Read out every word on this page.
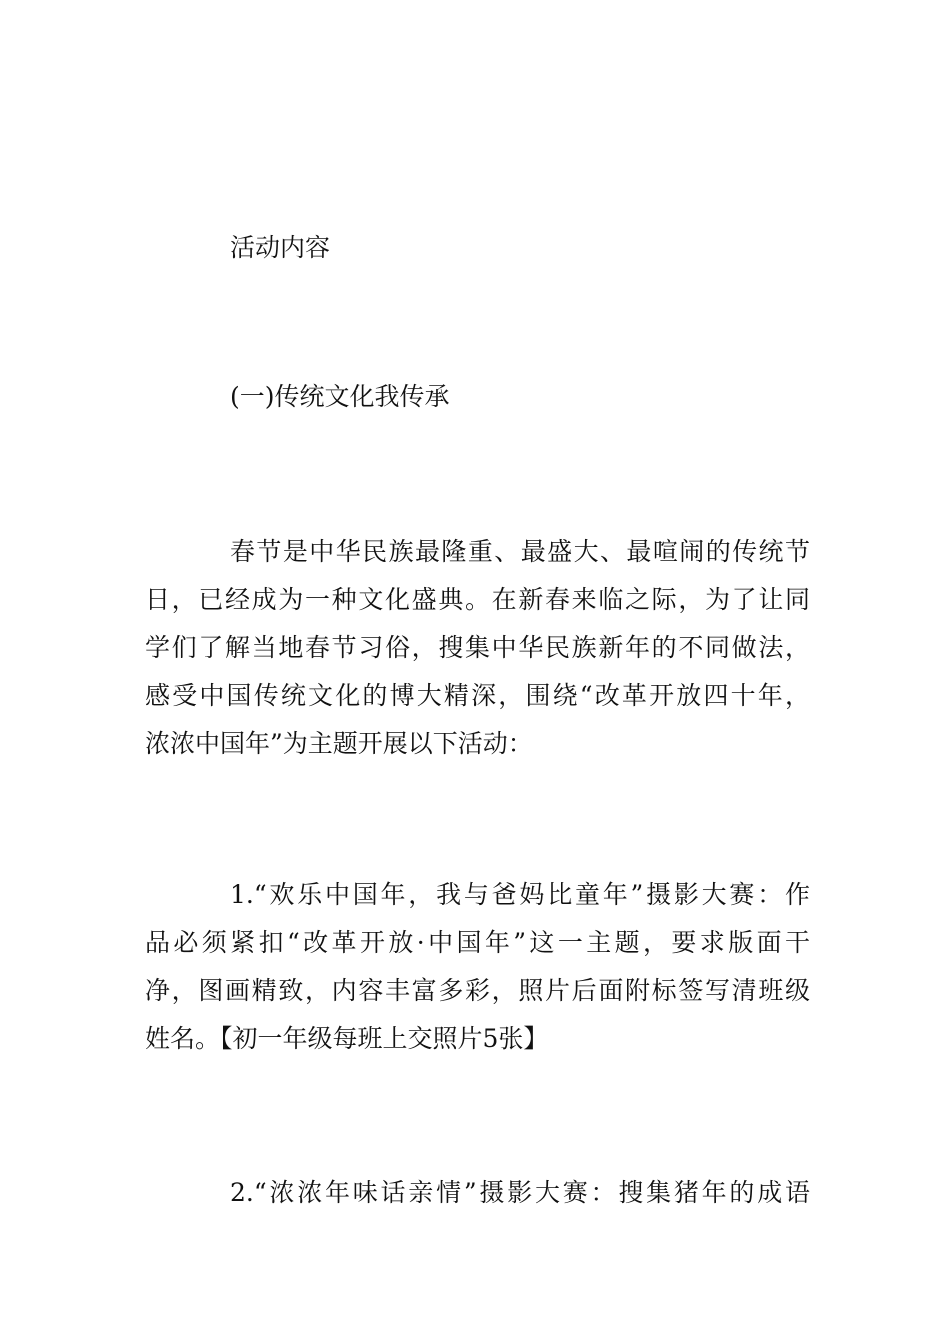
活动内容
(一)传统文化我传承
春节是中华民族最隆重、最盛大、最喧闹的传统节
日，已经成为一种文化盛典。在新春来临之际，为了让同
学们了解当地春节习俗，搜集中华民族新年的不同做法，
感受中国传统文化的博大精深，围绕“改革开放四十年，
浓浓中国年”为主题开展以下活动：
1.“欢乐中国年，我与爸妈比童年”摄影大赛：作
品必须紧扣“改革开放·中国年”这一主题，要求版面干
净，图画精致，内容丰富多彩，照片后面附标签写清班级
姓名。【初一年级每班上交照片5张】
2.“浓浓年味话亲情”摄影大赛：搜集猪年的成语
